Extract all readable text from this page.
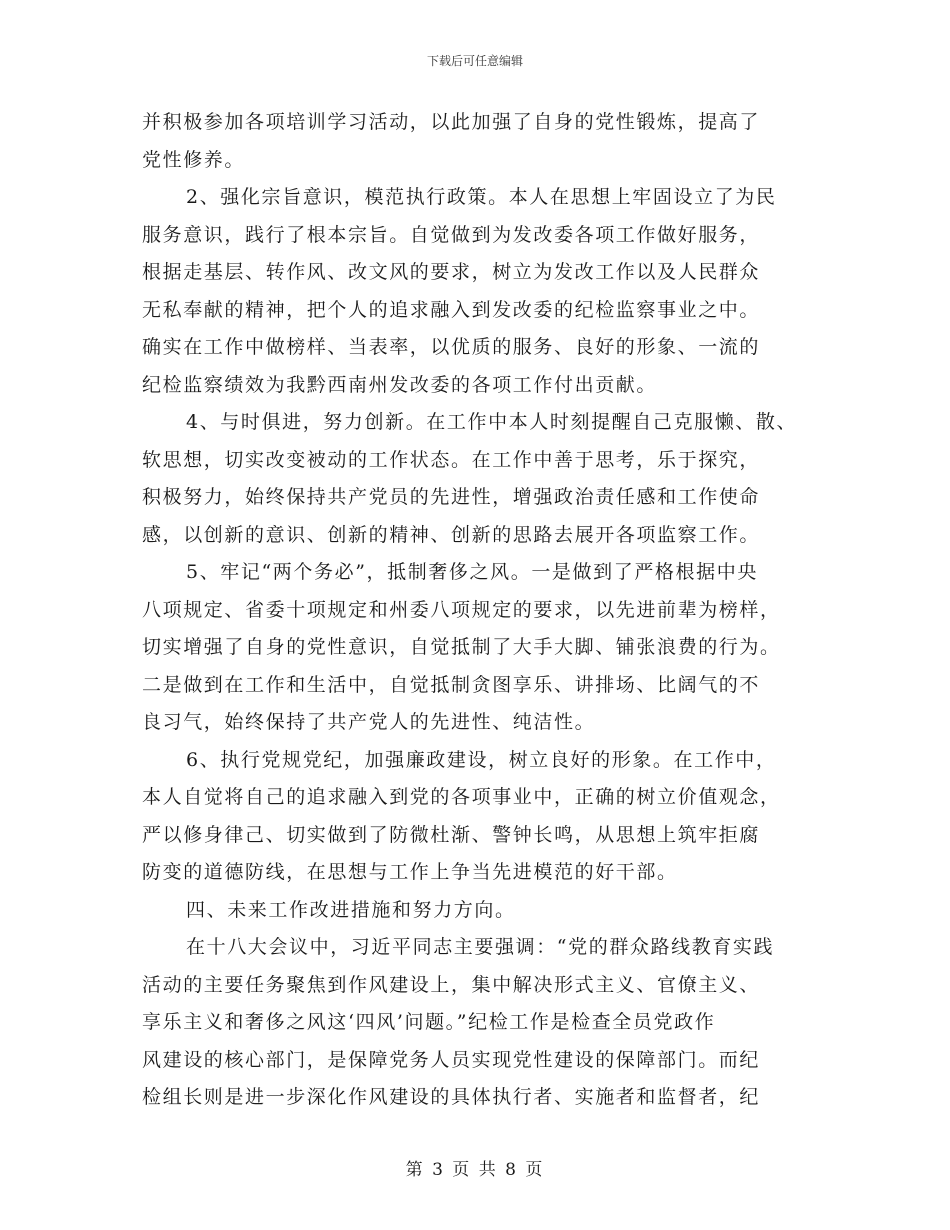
下载后可任意编辑
并积极参加各项培训学习活动，以此加强了自身的党性锻炼，提高了
党性修养。
2、强化宗旨意识，模范执行政策。本人在思想上牢固设立了为民
服务意识，践行了根本宗旨。自觉做到为发改委各项工作做好服务，
根据走基层、转作风、改文风的要求，树立为发改工作以及人民群众
无私奉献的精神，把个人的追求融入到发改委的纪检监察事业之中。
确实在工作中做榜样、当表率，以优质的服务、良好的形象、一流的
纪检监察绩效为我黔西南州发改委的各项工作付出贡献。
4、与时俱进，努力创新。在工作中本人时刻提醒自己克服懒、散、
软思想，切实改变被动的工作状态。在工作中善于思考，乐于探究，
积极努力，始终保持共产党员的先进性，增强政治责任感和工作使命
感，以创新的意识、创新的精神、创新的思路去展开各项监察工作。
5、牢记“两个务必”，抵制奢侈之风。一是做到了严格根据中央
八项规定、省委十项规定和州委八项规定的要求，以先进前辈为榜样，
切实增强了自身的党性意识，自觉抵制了大手大脚、铺张浪费的行为。
二是做到在工作和生活中，自觉抵制贪图享乐、讲排场、比阔气的不
良习气，始终保持了共产党人的先进性、纯洁性。
6、执行党规党纪，加强廉政建设，树立良好的形象。在工作中，
本人自觉将自己的追求融入到党的各项事业中，正确的树立价值观念，
严以修身律己、切实做到了防微杜渐、警钟长鸣，从思想上筑牢拒腐
防变的道德防线，在思想与工作上争当先进模范的好干部。
四、未来工作改进措施和努力方向。
在十八大会议中，习近平同志主要强调：“党的群众路线教育实践
活动的主要任务聚焦到作风建设上，集中解决形式主义、官僚主义、
享乐主义和奢侈之风这‘四风’问题。”纪检工作是检查全员党政作
风建设的核心部门，是保障党务人员实现党性建设的保障部门。而纪
检组长则是进一步深化作风建设的具体执行者、实施者和监督者，纪
第 3 页 共 8 页
